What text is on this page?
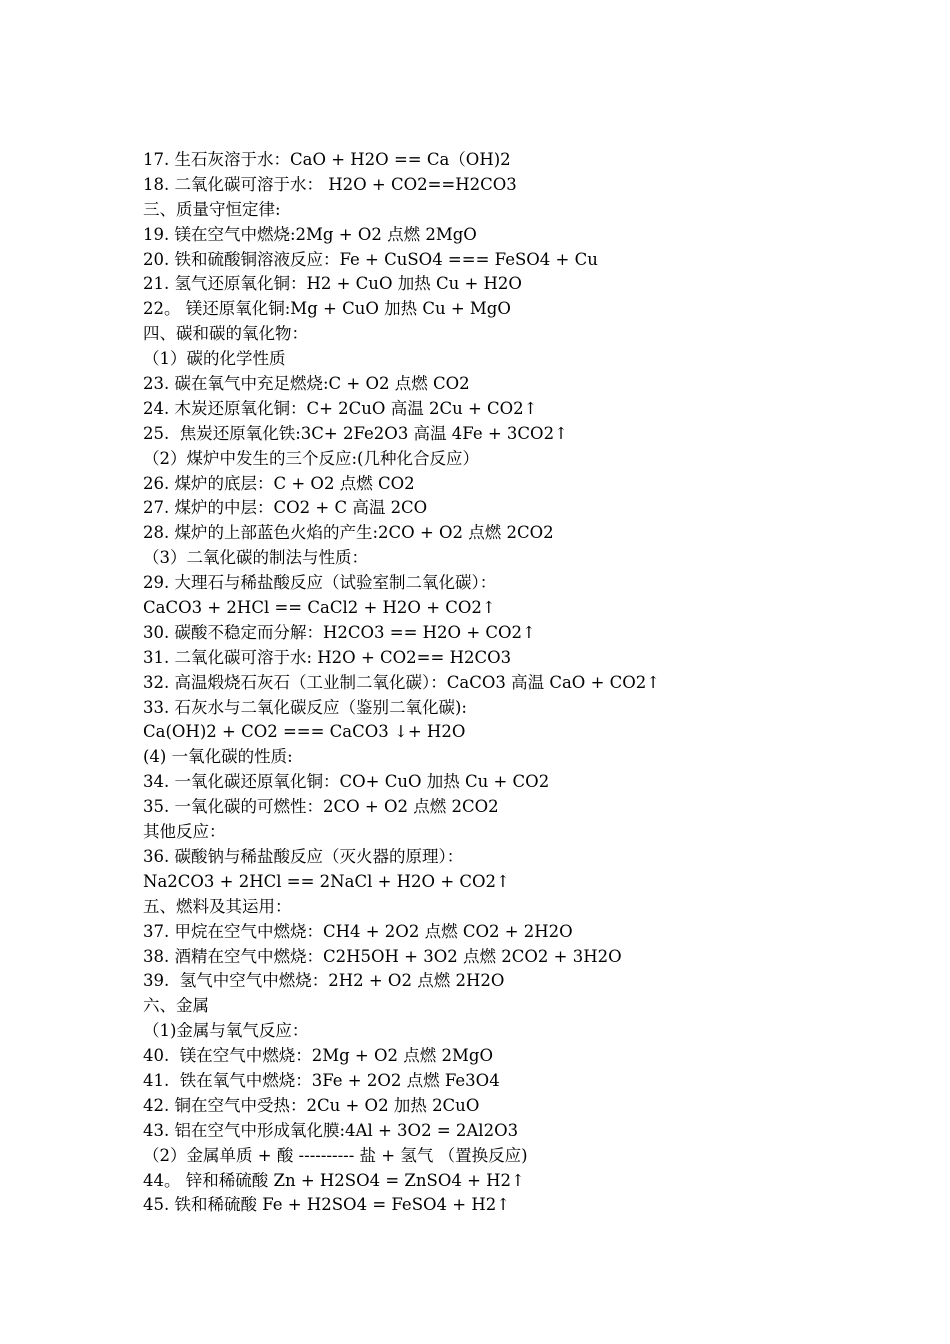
17. 生石灰溶于水：CaO + H2O == Ca（OH)2
18. 二氧化碳可溶于水： H2O + CO2==H2CO3
三、质量守恒定律:
19. 镁在空气中燃烧:2Mg + O2 点燃 2MgO
20. 铁和硫酸铜溶液反应：Fe + CuSO4 === FeSO4 + Cu
21. 氢气还原氧化铜：H2 + CuO 加热 Cu + H2O
22。 镁还原氧化铜:Mg + CuO 加热 Cu + MgO
四、碳和碳的氧化物：
（1）碳的化学性质
23. 碳在氧气中充足燃烧:C + O2 点燃 CO2
24. 木炭还原氧化铜：C+ 2CuO 高温 2Cu + CO2↑
25.  焦炭还原氧化铁:3C+ 2Fe2O3 高温 4Fe + 3CO2↑
（2）煤炉中发生的三个反应:(几种化合反应）
26. 煤炉的底层：C + O2 点燃 CO2
27. 煤炉的中层：CO2 + C 高温 2CO
28. 煤炉的上部蓝色火焰的产生:2CO + O2 点燃 2CO2
（3）二氧化碳的制法与性质：
29. 大理石与稀盐酸反应（试验室制二氧化碳）：
CaCO3 + 2HCl == CaCl2 + H2O + CO2↑
30. 碳酸不稳定而分解：H2CO3 == H2O + CO2↑
31. 二氧化碳可溶于水: H2O + CO2== H2CO3
32. 高温煅烧石灰石（工业制二氧化碳）：CaCO3 高温 CaO + CO2↑
33. 石灰水与二氧化碳反应（鉴别二氧化碳):
Ca(OH)2 + CO2 === CaCO3 ↓+ H2O
(4) 一氧化碳的性质:
34. 一氧化碳还原氧化铜：CO+ CuO 加热 Cu + CO2
35. 一氧化碳的可燃性：2CO + O2 点燃 2CO2
其他反应：
36. 碳酸钠与稀盐酸反应（灭火器的原理）：
Na2CO3 + 2HCl == 2NaCl + H2O + CO2↑
五、燃料及其运用：
37. 甲烷在空气中燃烧：CH4 + 2O2 点燃 CO2 + 2H2O
38. 酒精在空气中燃烧：C2H5OH + 3O2 点燃 2CO2 + 3H2O
39.  氢气中空气中燃烧：2H2 + O2 点燃 2H2O
六、金属
（1)金属与氧气反应：
40.  镁在空气中燃烧：2Mg + O2 点燃 2MgO
41.  铁在氧气中燃烧：3Fe + 2O2 点燃 Fe3O4
42. 铜在空气中受热：2Cu + O2 加热 2CuO
43. 铝在空气中形成氧化膜:4Al + 3O2 = 2Al2O3
（2）金属单质 + 酸 ---------- 盐 + 氢气 （置换反应)
44。 锌和稀硫酸 Zn + H2SO4 = ZnSO4 + H2↑
45. 铁和稀硫酸 Fe + H2SO4 = FeSO4 + H2↑
